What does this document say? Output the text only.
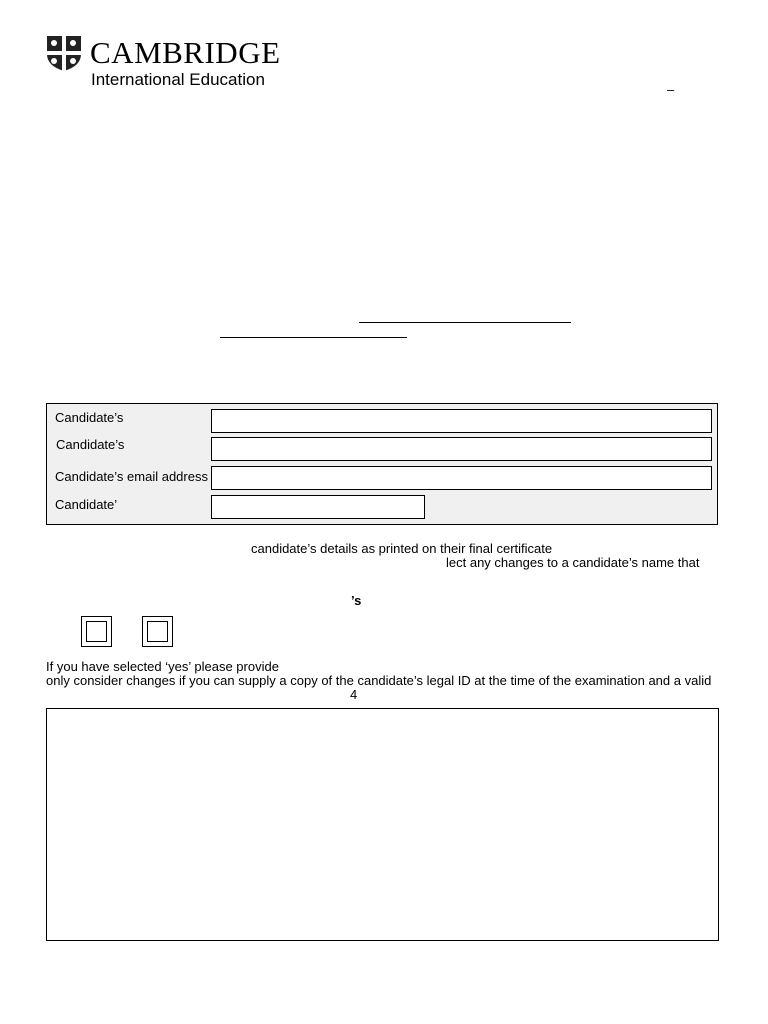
CAMBRIDGE
International Education
–
Candidate’s
Candidate’s
Candidate’s email address
Candidate’
candidate’s details as printed on their final certificate
lect any changes to a candidate’s name that
’s
If you have selected ‘yes’ please provide
only consider changes if you can supply a copy of the candidate’s legal ID at the time of the examination and a valid
4
